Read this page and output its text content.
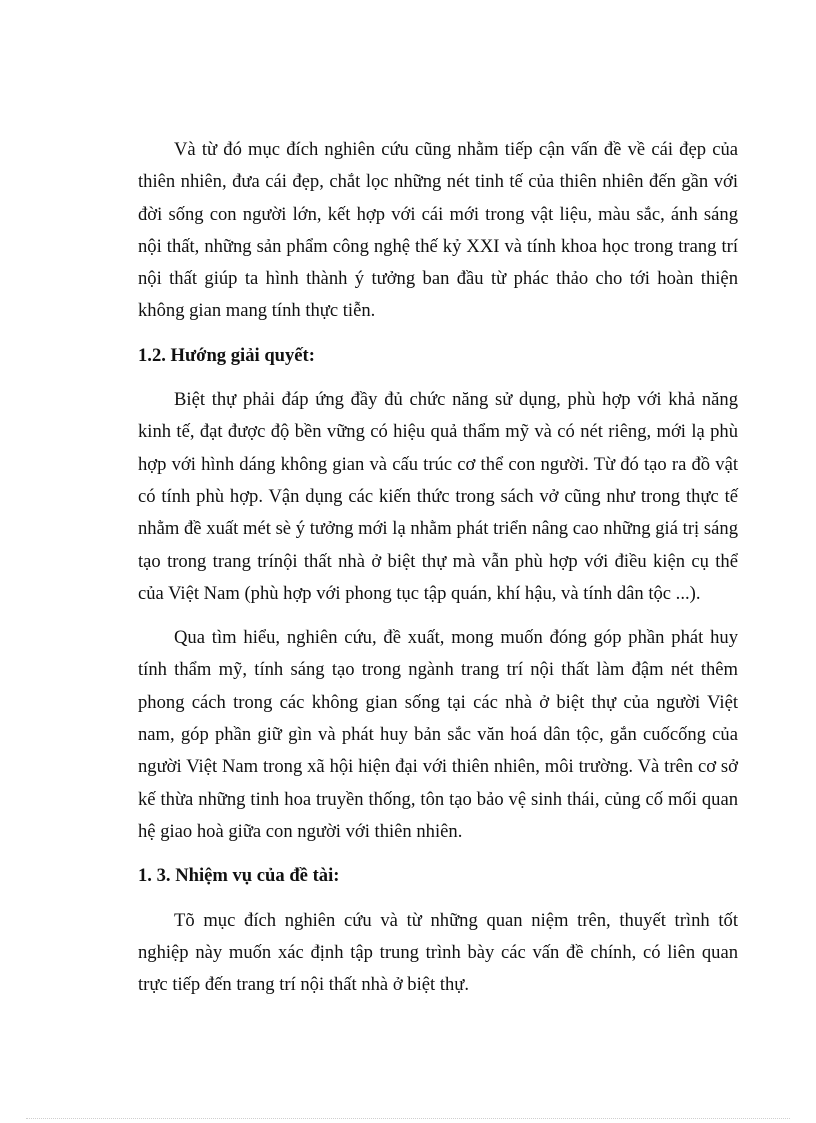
Và từ đó mục đích nghiên cứu cũng nhằm tiếp cận vấn đề về cái đẹp của thiên nhiên, đưa cái đẹp, chắt lọc những nét tinh tế của thiên nhiên đến gần với đời sống con người lớn, kết hợp với cái mới trong vật liệu, màu sắc, ánh sáng nội thất, những sản phẩm công nghệ thế kỷ XXI và tính khoa học trong trang trí nội thất giúp ta hình thành ý tưởng ban đầu từ phác thảo cho tới hoàn thiện không gian mang tính thực tiễn.

1.2. Hướng giải quyết:

Biệt thự phải đáp ứng đầy đủ chức năng sử dụng, phù hợp với khả năng kinh tế, đạt được độ bền vững có hiệu quả thẩm mỹ và có nét riêng, mới lạ phù hợp với hình dáng không gian và cấu trúc cơ thể con người. Từ đó tạo ra đồ vật có tính phù hợp. Vận dụng các kiến thức trong sách vở cũng như trong thực tế nhằm đề xuất mét sè ý tưởng mới lạ nhằm phát triển nâng cao những giá trị sáng tạo trong trang trínội thất nhà ở biệt thự mà vẫn phù hợp với điều kiện cụ thể của Việt Nam (phù hợp với phong tục tập quán, khí hậu, và tính dân tộc ...).

Qua tìm hiểu, nghiên cứu, đề xuất, mong muốn đóng góp phần phát huy tính thẩm mỹ, tính sáng tạo trong ngành trang trí nội thất làm đậm nét thêm phong cách trong các không gian sống tại các nhà ở biệt thự của người Việt nam, góp phần giữ gìn và phát huy bản sắc văn hoá dân tộc, gắn cuốcống của người Việt Nam trong xã hội hiện đại với thiên nhiên, môi trường. Và trên cơ sở kế thừa những tinh hoa truyền thống, tôn tạo bảo vệ sinh thái, củng cố mối quan hệ giao hoà giữa con người với thiên nhiên.

1. 3. Nhiệm vụ của đề tài:

Tõ mục đích nghiên cứu và từ những quan niệm trên, thuyết trình tốt nghiệp này muốn xác định tập trung trình bày các vấn đề chính, có liên quan trực tiếp đến trang trí nội thất nhà ở biệt thự.
